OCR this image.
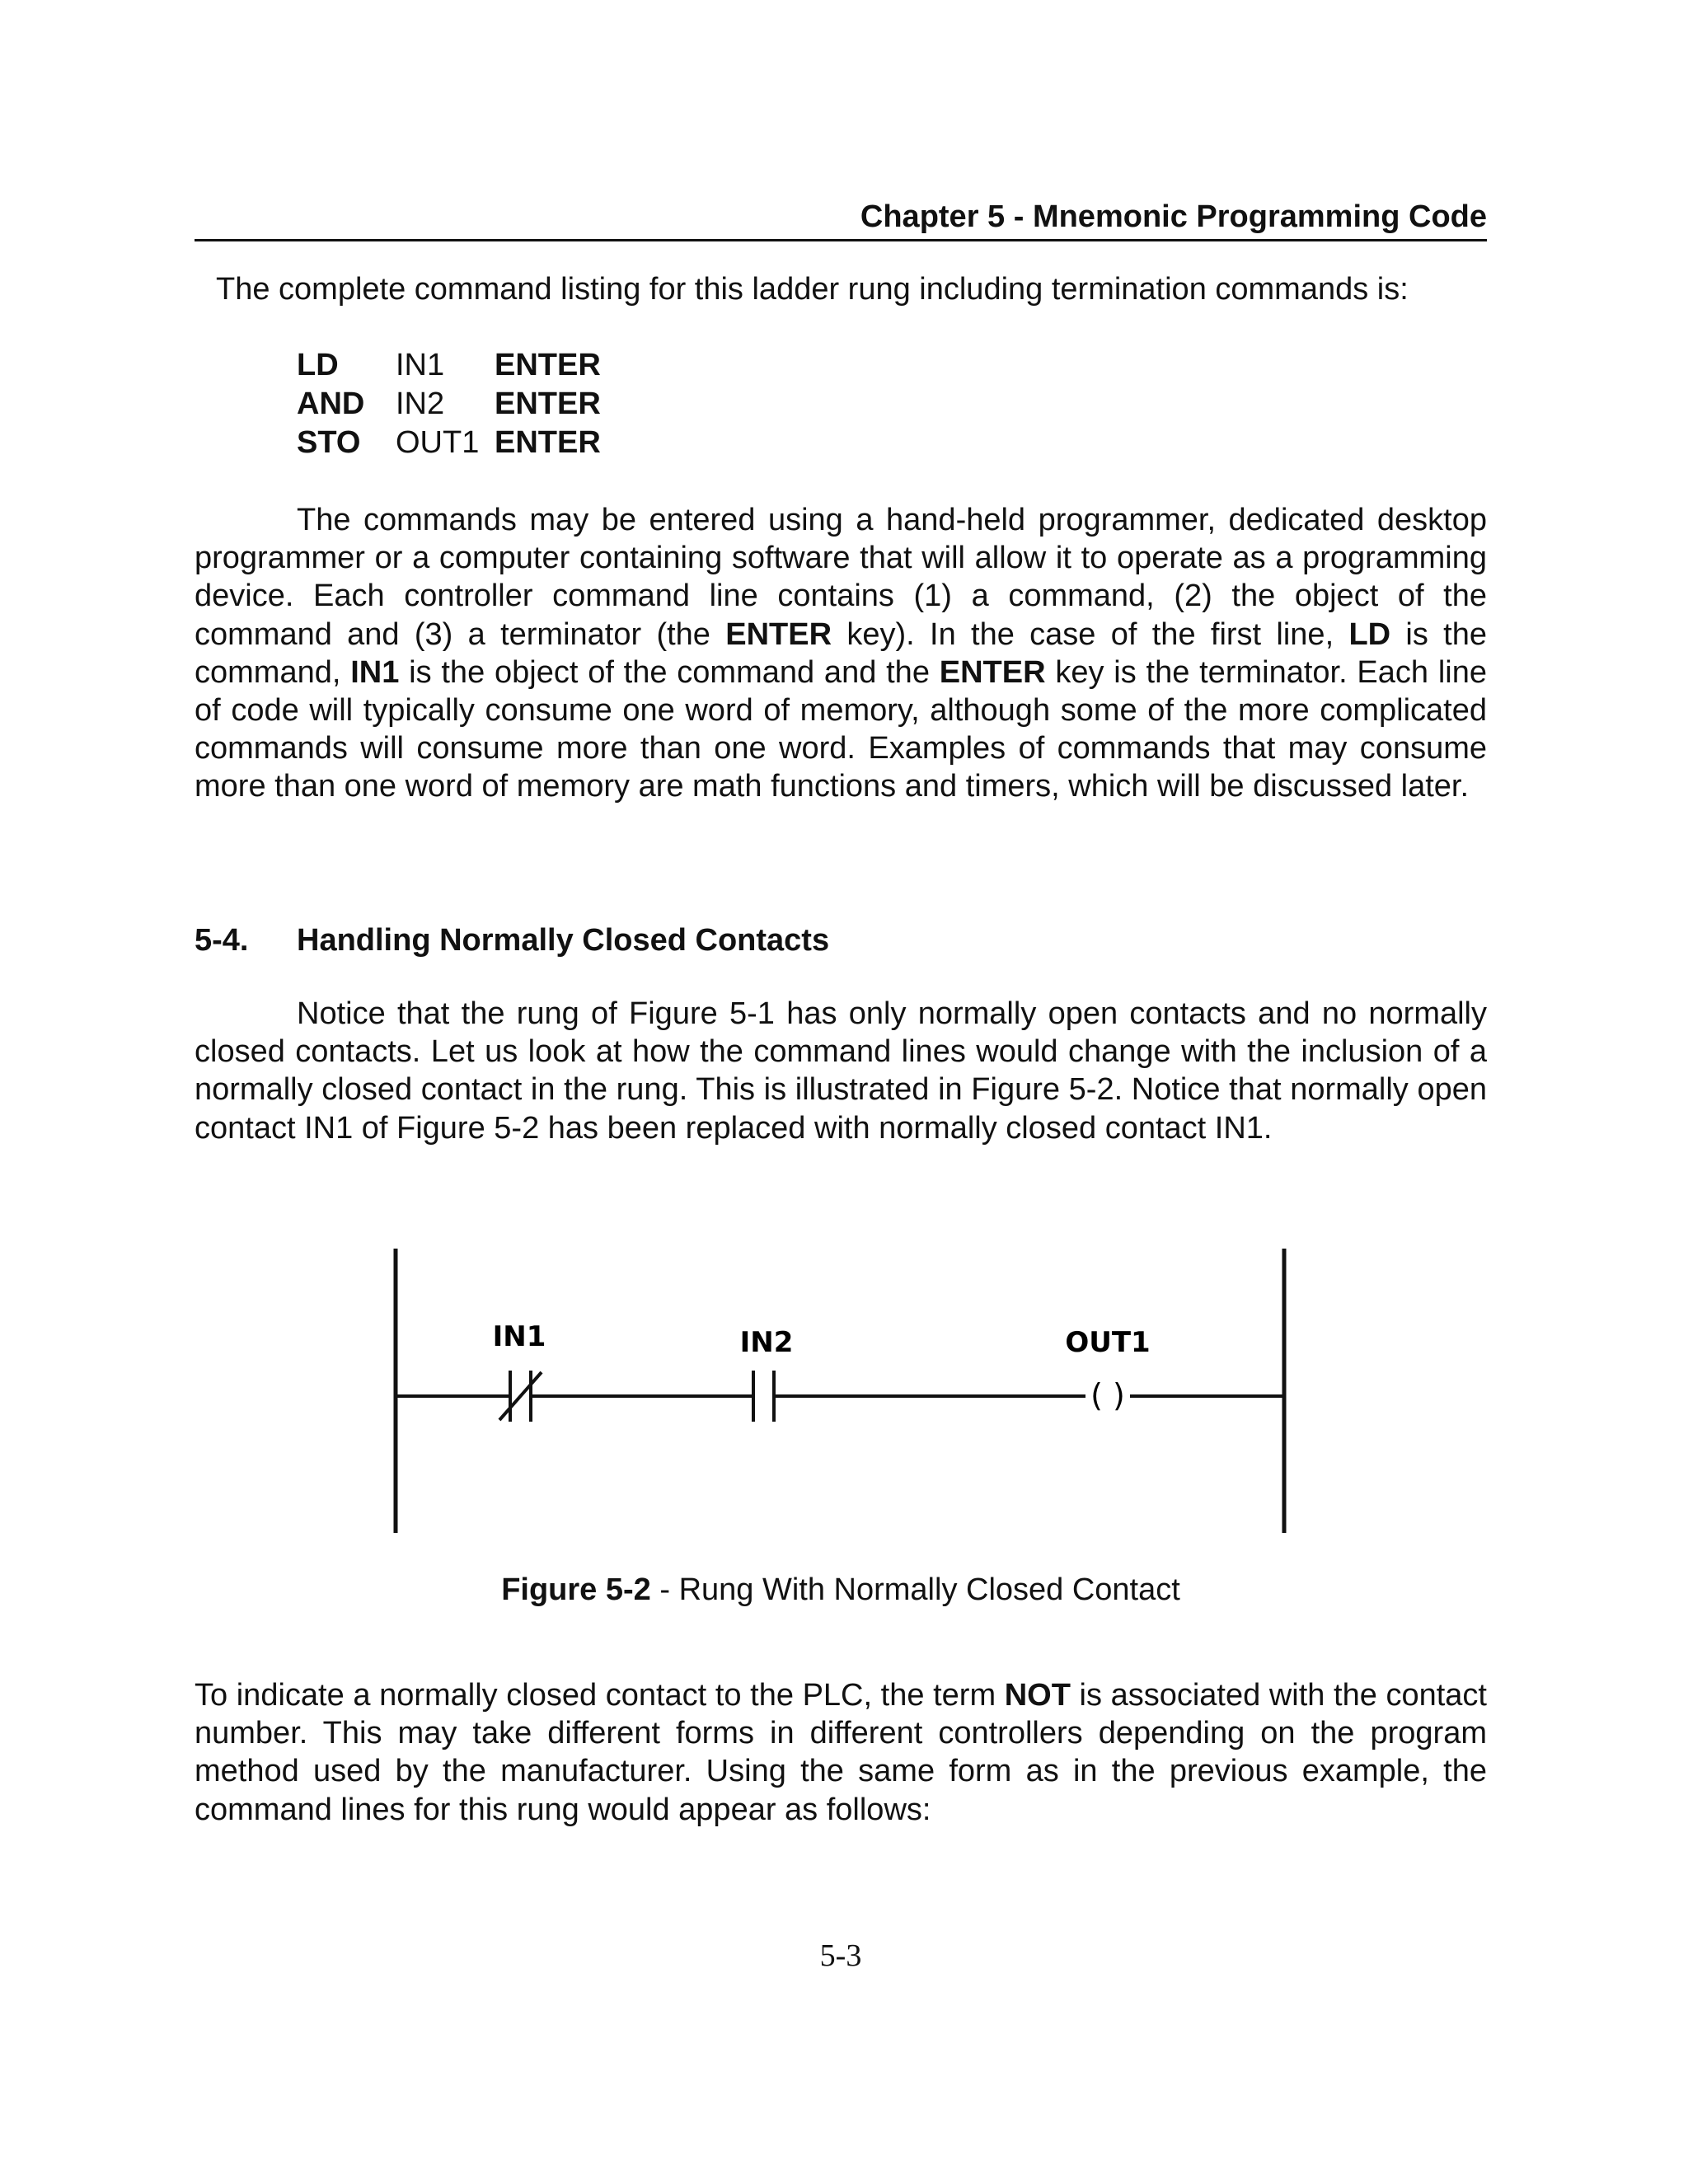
Chapter 5 - Mnemonic Programming Code

The complete command listing for this ladder rung including termination commands is:

LD	IN1	ENTER
AND IN2	ENTER
STO	OUT1 ENTER

The commands may be entered using a hand-held programmer, dedicated desktop programmer or a computer containing software that will allow it to operate as a programming device. Each controller command line contains (1) a command, (2) the object of the command and (3) a terminator (the ENTER key). In the case of the first line, LD is the command, IN1 is the object of the command and the ENTER key is the terminator. Each line of code will typically consume one word of memory, although some of the more complicated commands will consume more than one word. Examples of commands that may consume more than one word of memory are math functions and timers, which will be discussed later.

5-4.	Handling Normally Closed Contacts

Notice that the rung of Figure 5-1 has only normally open contacts and no normally closed contacts. Let us look at how the command lines would change with the inclusion of a normally closed contact in the rung. This is illustrated in Figure 5-2. Notice that normally open contact IN1 of Figure 5-2 has been replaced with normally closed contact IN1.

IN1	IN2
( )
OUT1
Figure 5-2 - Rung With Normally Closed Contact

To indicate a normally closed contact to the PLC, the term NOT is associated with the contact number. This may take different forms in different controllers depending on the program method used by the manufacturer. Using the same form as in the previous example, the command lines for this rung would appear as follows:

5-3
